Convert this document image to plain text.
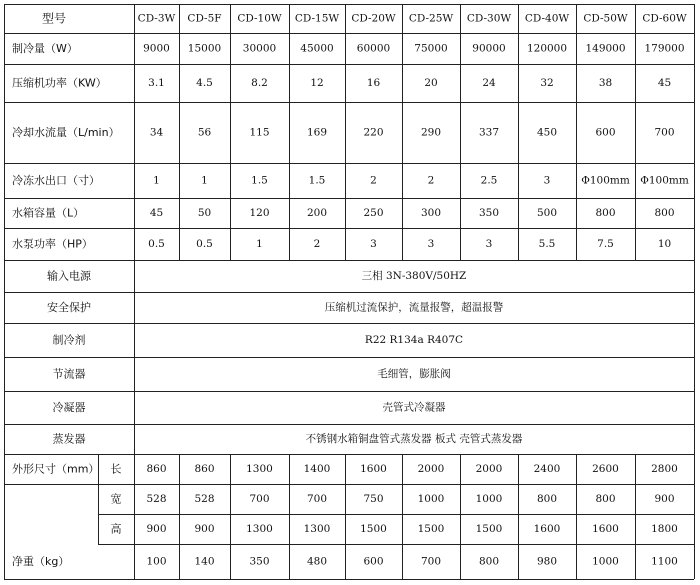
型号	CD-3W CD-5F CD-10W CD-15W CD-20W CD-25W CD-30W CD-40W CD-50W CD-60W
制冷量（W）	9000 15000 30000 45000 60000 75000 90000 120000 149000 179000
压缩机功率（KW）	3.1	4.5	8.2	12	16	20	24	32	38	45
冷却水流量（L/min）	34	56	115	169	220	290	337	450	600	700
冷冻水出口（寸）	1	1	1.5	1.5	2	2	2.5	3	Φ100mm Φ100mm
水箱容量（L）	45	50	120	200	250	300	350	500	800	800
水泵功率（HP）	0.5	0.5	1	2	3	3	3	5.5	7.5	10
输入电源	三相 3N-380V/50HZ
安全保护	压缩机过流保护，流量报警，超温报警
制冷剂	R22 R134a R407C
节流器	毛细管，膨胀阀
冷凝器	壳管式冷凝器
蒸发器	不锈钢水箱铜盘管式蒸发器 板式 壳管式蒸发器
外形尺寸（mm） 长 860	860	1300	1400	1600	2000	2000	2400	2600	2800
宽 528	528	700	700	750	1000	1000	800	800	900
高 900	900	1300	1300	1500	1500	1500	1600	1600	1800
净重（kg）	100	140	350	480	600	700	800	980	1000	1100
